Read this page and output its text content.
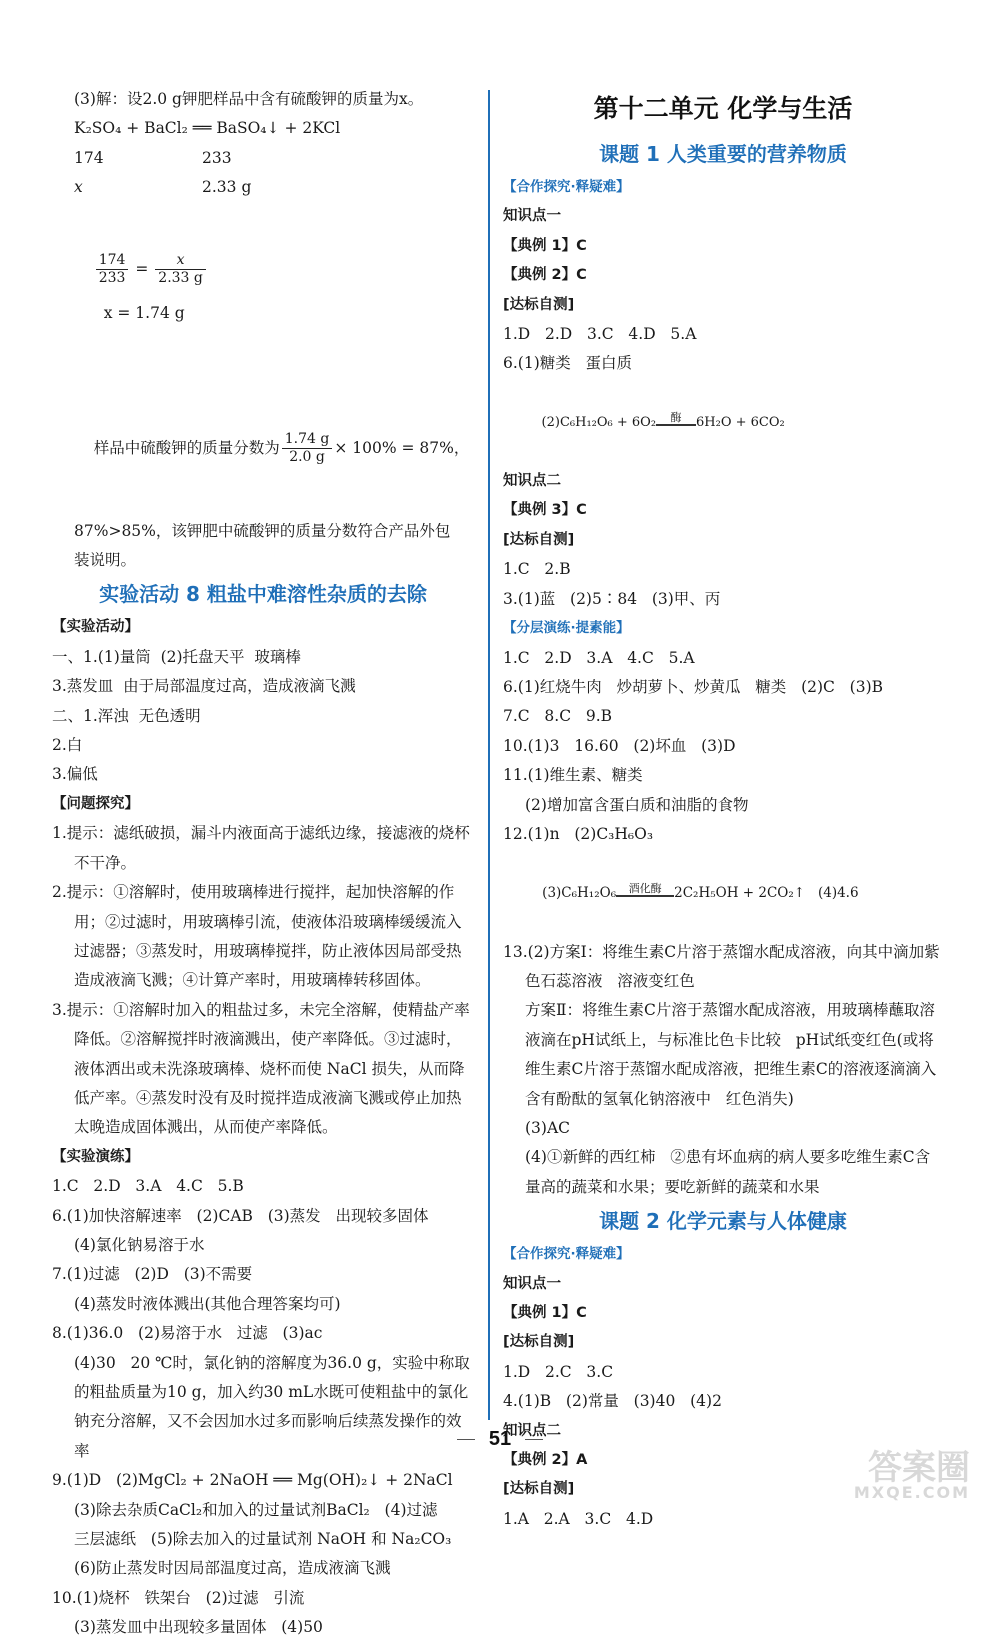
(3)解：设2.0 g钾肥样品中含有硫酸钾的质量为x。

K₂SO₄ + BaCl₂ ══ BaSO₄↓ + 2KCl

174	233
x	2.33 g

$\frac{174}{233} = \frac{x}{2.33 g}$

x = 1.74 g

样品中硫酸钾的质量分数为 $\frac{1.74 g}{2.0 g} \times 100\% = 87\%$，

87%>85%，该钾肥中硫酸钾的质量分数符合产品外包

装说明。

实验活动 8 粗盐中难溶性杂质的去除

【实验活动】

一、1.(1)量筒  (2)托盘天平  玻璃棒

3.蒸发皿  由于局部温度过高，造成液滴飞溅

二、1.浑浊  无色透明

2.白

3.偏低

【问题探究】

1.提示：滤纸破损，漏斗内液面高于滤纸边缘，接滤液的烧杯不干净。

2.提示：①溶解时，使用玻璃棒进行搅拌，起加快溶解的作用；②过滤时，用玻璃棒引流，使液体沿玻璃棒缓缓流入过滤器；③蒸发时，用玻璃棒搅拌，防止液体因局部受热造成液滴飞溅；④计算产率时，用玻璃棒转移固体。

3.提示：①溶解时加入的粗盐过多，未完全溶解，使精盐产率降低。②溶解搅拌时液滴溅出，使产率降低。③过滤时，液体洒出或未洗涤玻璃棒、烧杯而使 NaCl 损失，从而降低产率。④蒸发时没有及时搅拌造成液滴飞溅或停止加热太晚造成固体溅出，从而使产率降低。

【实验演练】

1.C   2.D   3.A   4.C   5.B

6.(1)加快溶解速率   (2)CAB   (3)蒸发   出现较多固体

(4)氯化钠易溶于水

7.(1)过滤   (2)D   (3)不需要

(4)蒸发时液体溅出(其他合理答案均可)

8.(1)36.0   (2)易溶于水   过滤   (3)ac

(4)30   20 ℃时，氯化钠的溶解度为36.0 g，实验中称取的粗盐质量为10 g，加入约30 mL水既可使粗盐中的氯化钠充分溶解，又不会因加水过多而影响后续蒸发操作的效率

9.(1)D   (2)MgCl₂ + 2NaOH ══ Mg(OH)₂↓ + 2NaCl

(3)除去杂质CaCl₂和加入的过量试剂BaCl₂   (4)过滤

三层滤纸   (5)除去加入的过量试剂 NaOH 和 Na₂CO₃

(6)防止蒸发时因局部温度过高，造成液滴飞溅

10.(1)烧杯   铁架台   (2)过滤   引流

(3)蒸发皿中出现较多量固体   (4)50

第十二单元 化学与生活

课题 1 人类重要的营养物质

【合作探究·释疑难】

知识点一

【典例 1】C

【典例 2】C

[达标自测]

1.D   2.D   3.C   4.D   5.A

6.(1)糖类   蛋白质

(2)C₆H₁₂O₆ + 6O₂ 酶 6H₂O + 6CO₂

知识点二

【典例 3】C

[达标自测]

1.C   2.B

3.(1)蓝   (2)5∶84   (3)甲、丙

【分层演练·提素能】

1.C   2.D   3.A   4.C   5.A

6.(1)红烧牛肉   炒胡萝卜、炒黄瓜   糖类   (2)C   (3)B

7.C   8.C   9.B

10.(1)3   16.60   (2)坏血   (3)D

11.(1)维生素、糖类

(2)增加富含蛋白质和油脂的食物

12.(1)n   (2)C₃H₆O₃

(3)C₆H₁₂O₆ 酒化酶 2C₂H₅OH + 2CO₂↑   (4)4.6

13.(2)方案Ⅰ：将维生素C片溶于蒸馏水配成溶液，向其中滴加紫色石蕊溶液   溶液变红色

方案Ⅱ：将维生素C片溶于蒸馏水配成溶液，用玻璃棒蘸取溶液滴在pH试纸上，与标准比色卡比较   pH试纸变红色(或将维生素C片溶于蒸馏水配成溶液，把维生素C的溶液逐滴滴入含有酚酞的氢氧化钠溶液中   红色消失)

(3)AC

(4)①新鲜的西红柿   ②患有坏血病的病人要多吃维生素C含量高的蔬菜和水果；要吃新鲜的蔬菜和水果

课题 2 化学元素与人体健康

【合作探究·释疑难】

知识点一

【典例 1】C

[达标自测]

1.D   2.C   3.C

4.(1)B   (2)常量   (3)40   (4)2

知识点二

【典例 2】A

[达标自测]

1.A   2.A   3.C   4.D

51
答案圈
MXQE.COM
